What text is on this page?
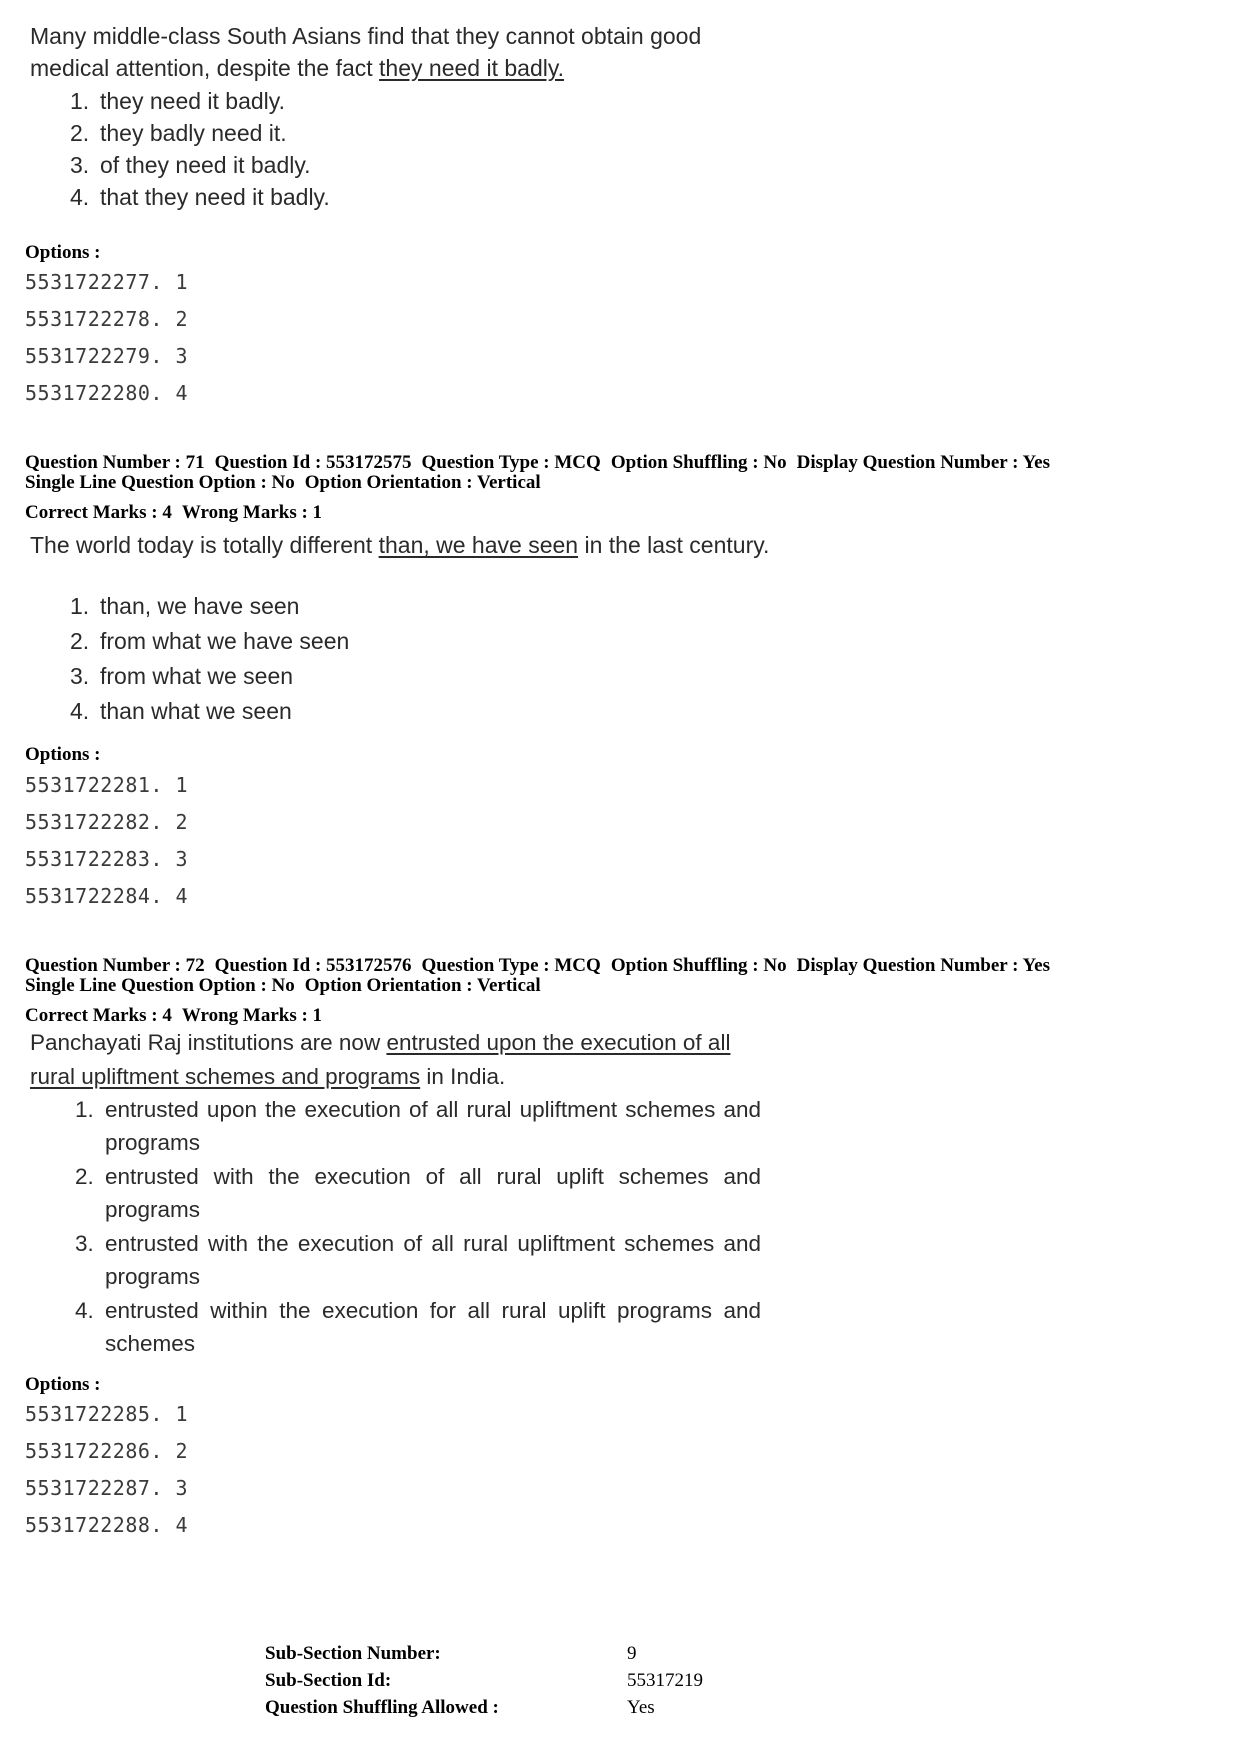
Many middle-class South Asians find that they cannot obtain good medical attention, despite the fact they need it badly.

1. they need it badly.
2. they badly need it.
3. of they need it badly.
4. that they need it badly.
Options :
5531722277. 1
5531722278. 2
5531722279. 3
5531722280. 4
Question Number : 71 Question Id : 553172575 Question Type : MCQ Option Shuffling : No Display Question Number : Yes
Single Line Question Option : No Option Orientation : Vertical
Correct Marks : 4 Wrong Marks : 1

The world today is totally different than, we have seen in the last century.

1. than, we have seen
2. from what we have seen
3. from what we seen
4. than what we seen
Options :
5531722281. 1
5531722282. 2
5531722283. 3
5531722284. 4
Question Number : 72 Question Id : 553172576 Question Type : MCQ Option Shuffling : No Display Question Number : Yes
Single Line Question Option : No Option Orientation : Vertical
Correct Marks : 4 Wrong Marks : 1

Panchayati Raj institutions are now entrusted upon the execution of all rural upliftment schemes and programs in India.

1. entrusted upon the execution of all rural upliftment schemes and programs
2. entrusted with the execution of all rural uplift schemes and programs
3. entrusted with the execution of all rural upliftment schemes and programs
4. entrusted within the execution for all rural uplift programs and schemes
Options :
5531722285. 1
5531722286. 2
5531722287. 3
5531722288. 4
Sub-Section Number:	9
Sub-Section Id:	55317219
Question Shuffling Allowed :	Yes
